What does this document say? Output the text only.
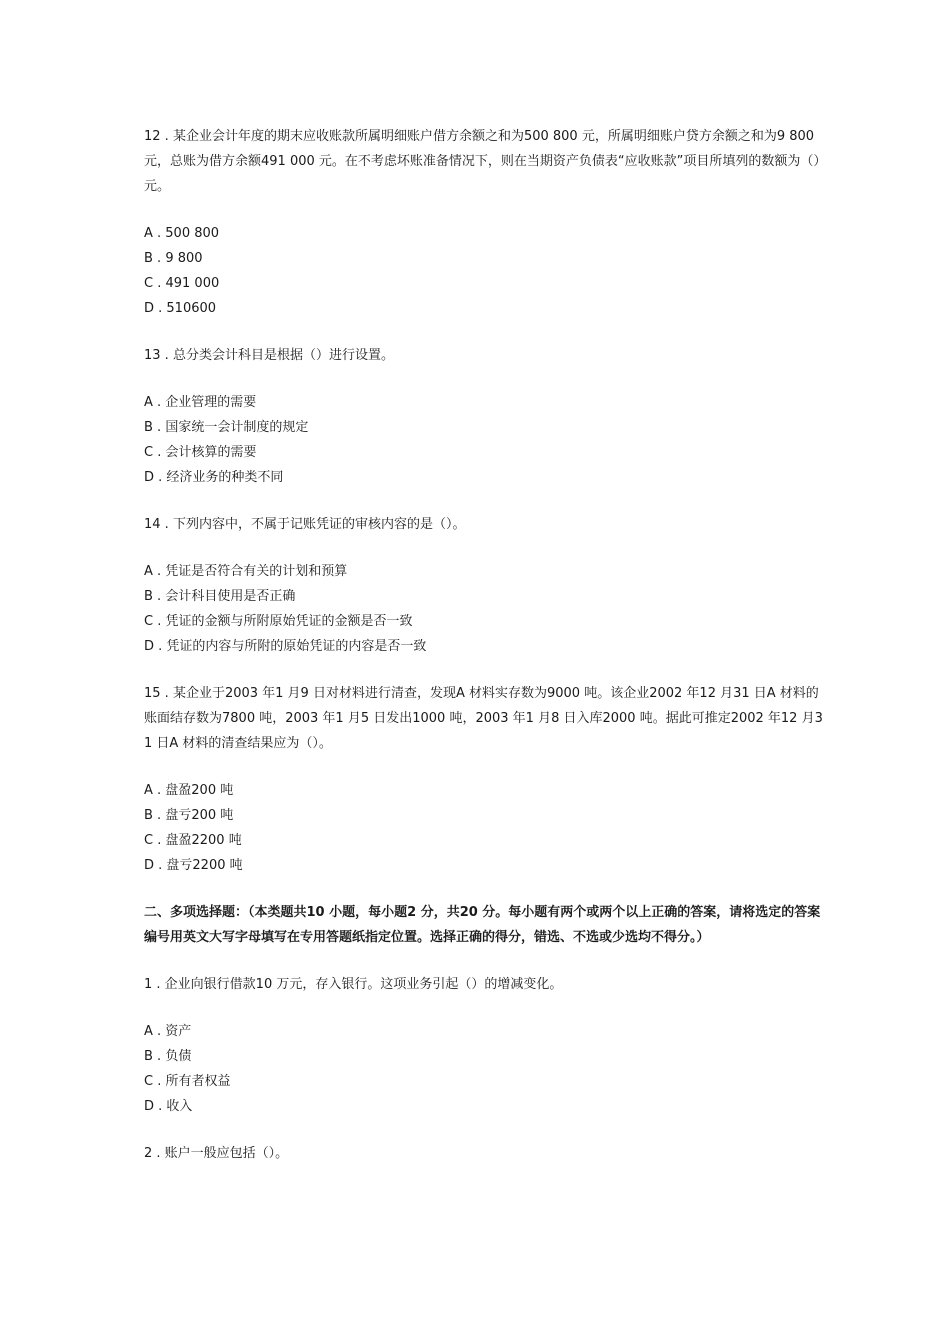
12 . 某企业会计年度的期末应收账款所属明细账户借方余额之和为500 800 元，所属明细账户贷方余额之和为9 800 元，总账为借方余额491 000 元。在不考虑坏账准备情况下，则在当期资产负债表“应收账款”项目所填列的数额为（）元。

A . 500 800
B . 9 800
C . 491 000
D . 510600

13 . 总分类会计科目是根据（）进行设置。

A . 企业管理的需要
B . 国家统一会计制度的规定
C . 会计核算的需要
D . 经济业务的种类不同

14 . 下列内容中，不属于记账凭证的审核内容的是（）。

A . 凭证是否符合有关的计划和预算
B . 会计科目使用是否正确
C . 凭证的金额与所附原始凭证的金额是否一致
D . 凭证的内容与所附的原始凭证的内容是否一致

15 . 某企业于2003 年1 月9 日对材料进行清查，发现A 材料实存数为9000 吨。该企业2002 年12 月31 日A 材料的账面结存数为7800 吨，2003 年1 月5 日发出1000 吨，2003 年1 月8 日入库2000 吨。据此可推定2002 年12 月31 日A 材料的清查结果应为（）。

A . 盘盈200 吨
B . 盘亏200 吨
C . 盘盈2200 吨
D . 盘亏2200 吨

二、多项选择题：（本类题共10 小题，每小题2 分，共20 分。每小题有两个或两个以上正确的答案，请将选定的答案编号用英文大写字母填写在专用答题纸指定位置。选择正确的得分，错选、不选或少选均不得分。）

1 . 企业向银行借款10 万元，存入银行。这项业务引起（）的增减变化。

A . 资产
B . 负债
C . 所有者权益
D . 收入

2 . 账户一般应包括（）。
